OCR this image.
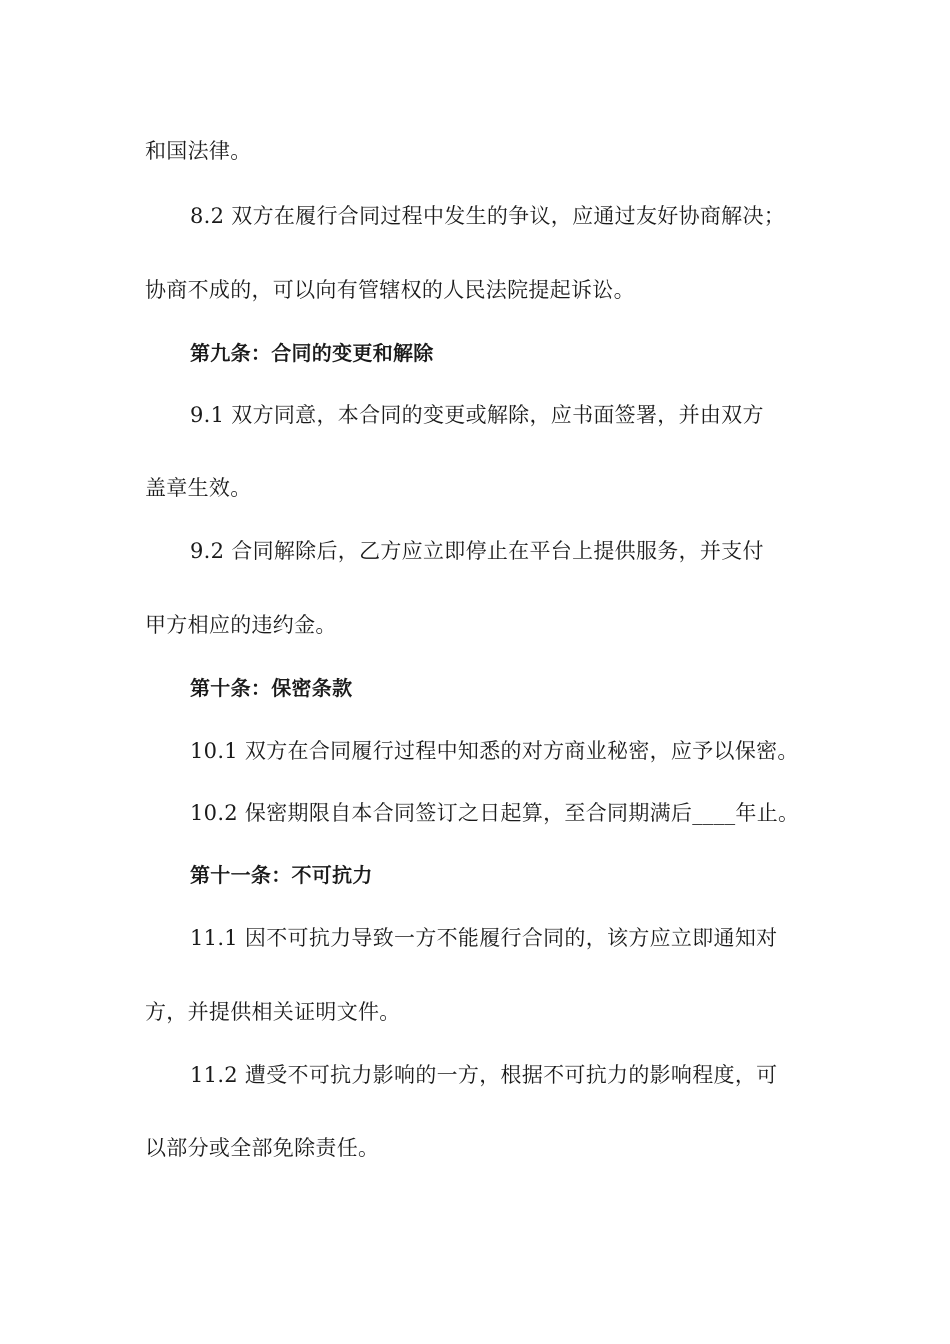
和国法律。
8.2 双方在履行合同过程中发生的争议，应通过友好协商解决；
协商不成的，可以向有管辖权的人民法院提起诉讼。
第九条：合同的变更和解除
9.1 双方同意，本合同的变更或解除，应书面签署，并由双方
盖章生效。
9.2 合同解除后，乙方应立即停止在平台上提供服务，并支付
甲方相应的违约金。
第十条：保密条款
10.1 双方在合同履行过程中知悉的对方商业秘密，应予以保密。
10.2 保密期限自本合同签订之日起算，至合同期满后____年止。
第十一条：不可抗力
11.1 因不可抗力导致一方不能履行合同的，该方应立即通知对
方，并提供相关证明文件。
11.2 遭受不可抗力影响的一方，根据不可抗力的影响程度，可
以部分或全部免除责任。
